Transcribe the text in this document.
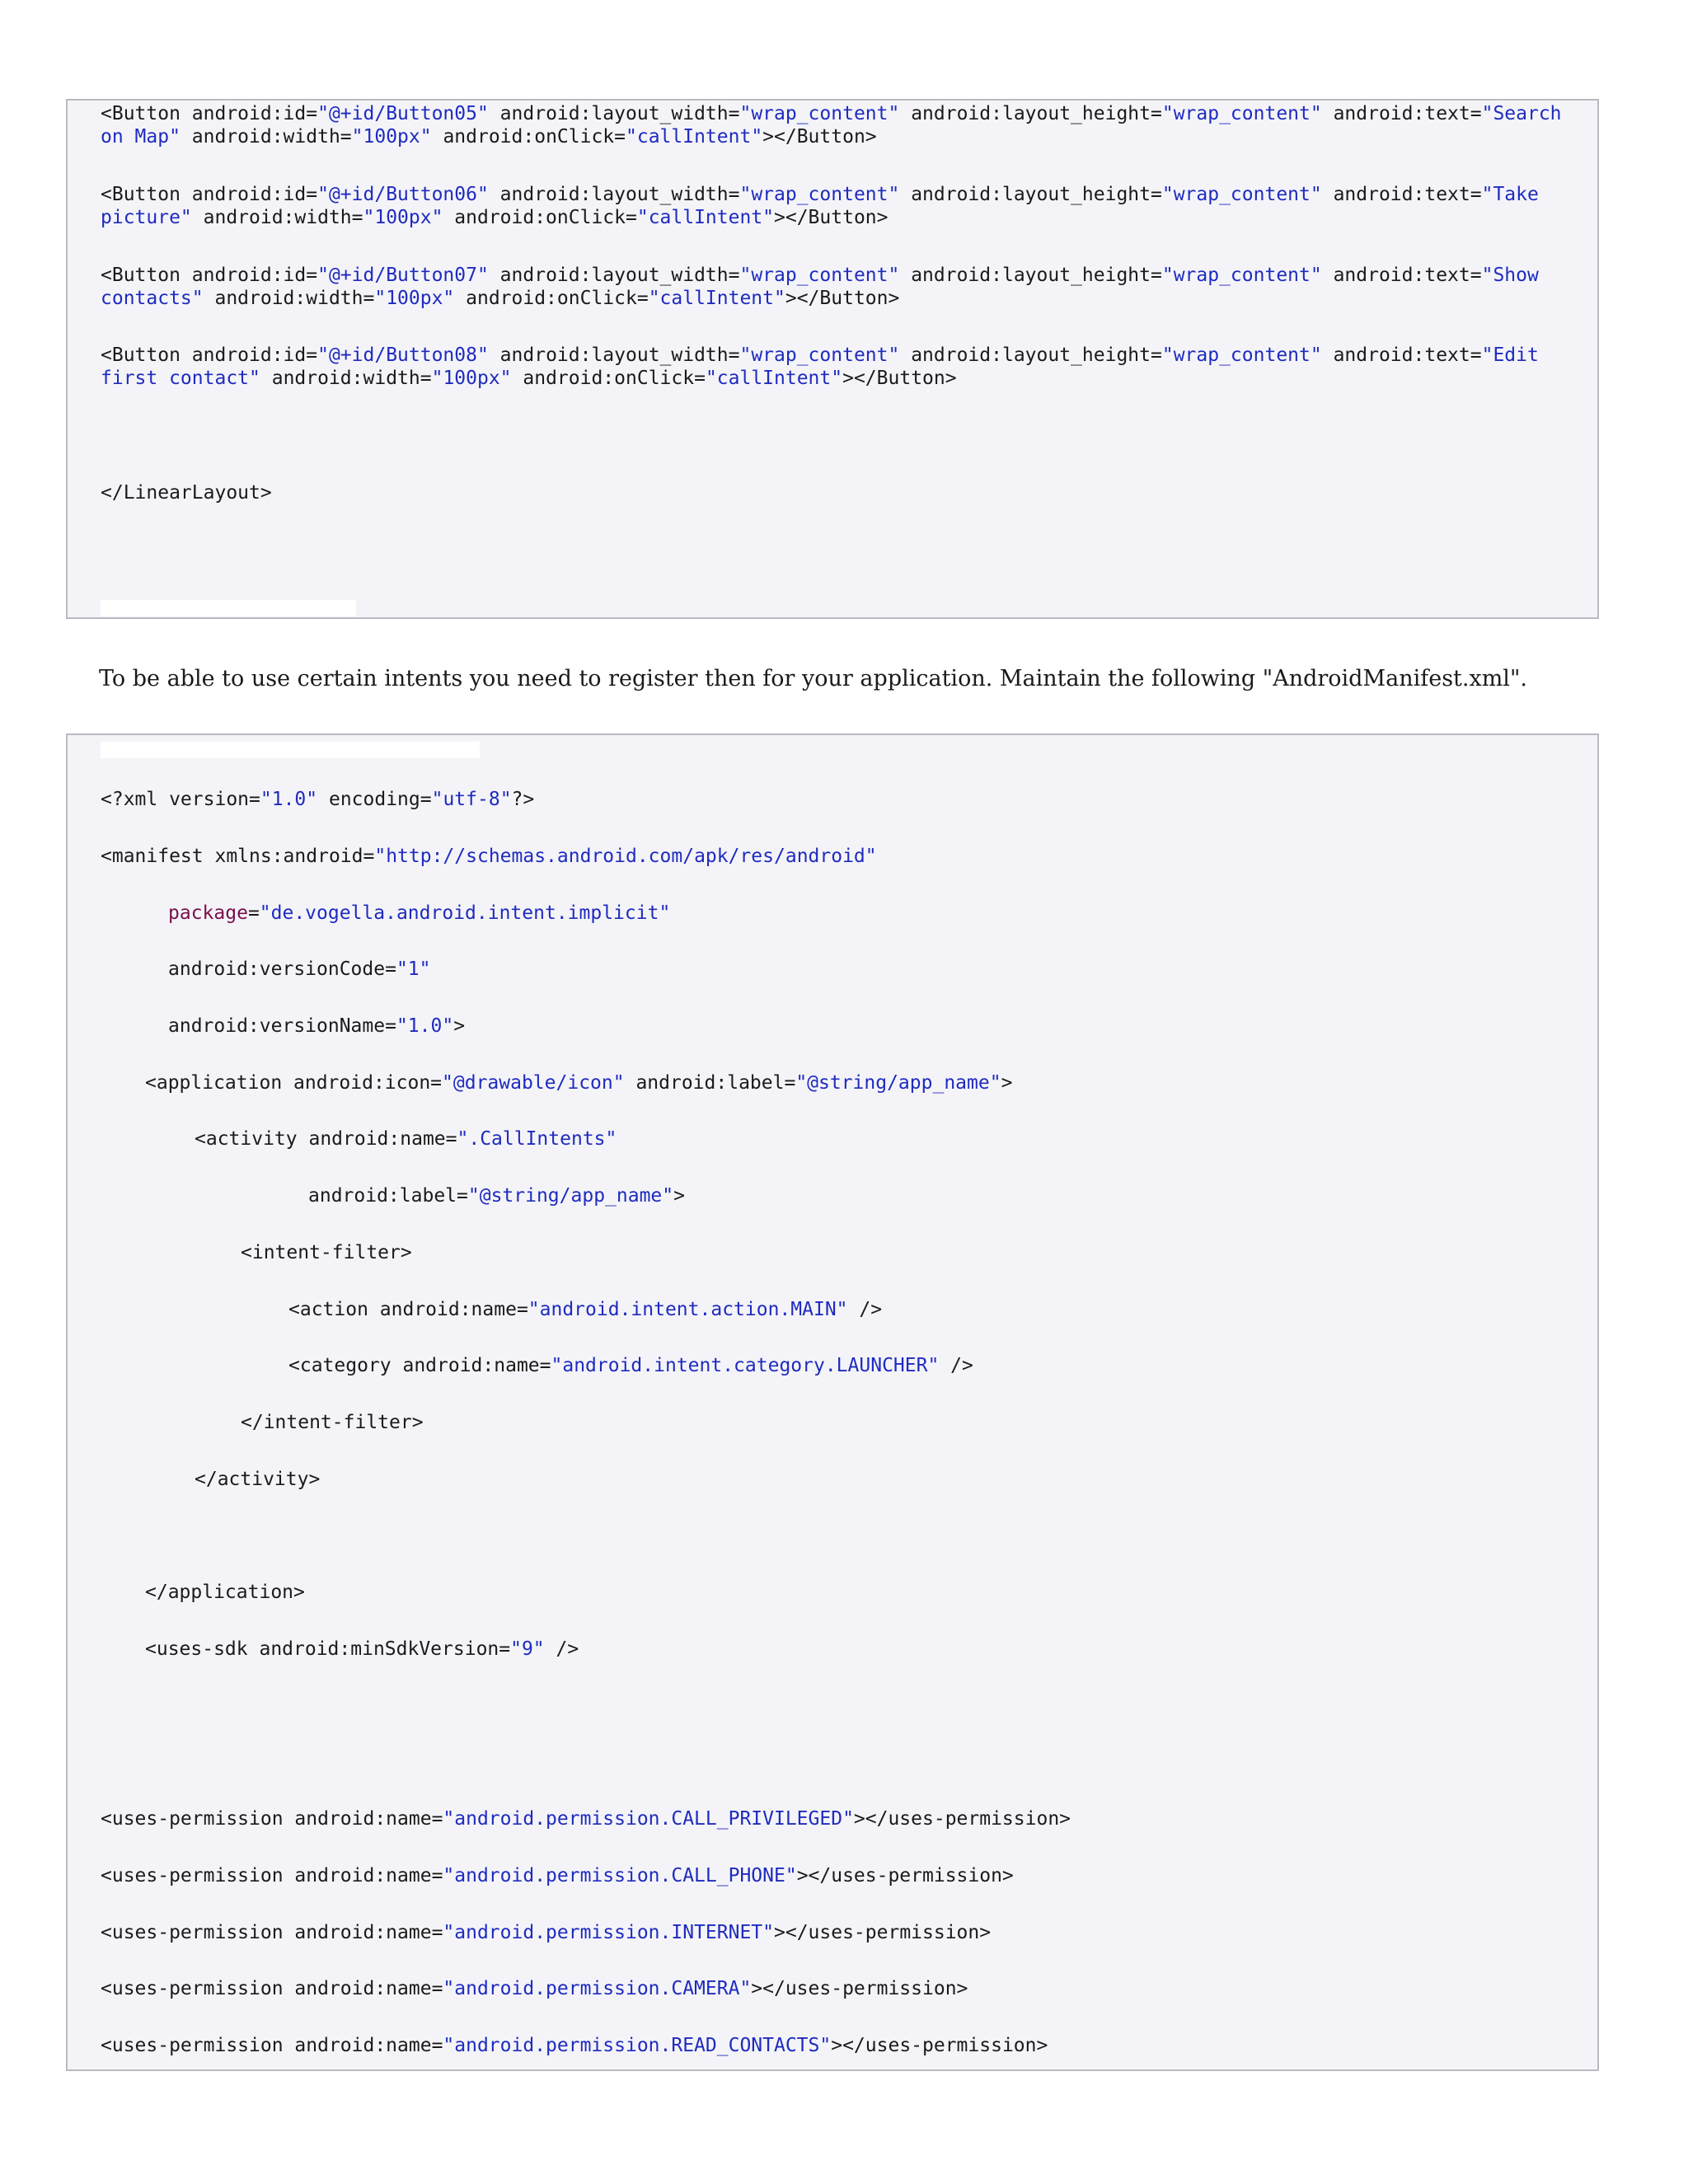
<Button android:id="@+id/Button05" android:layout_width="wrap_content" android:layout_height="wrap_content" android:text="Search on Map" android:width="100px" android:onClick="callIntent"></Button>
<Button android:id="@+id/Button06" android:layout_width="wrap_content" android:layout_height="wrap_content" android:text="Take picture" android:width="100px" android:onClick="callIntent"></Button>
<Button android:id="@+id/Button07" android:layout_width="wrap_content" android:layout_height="wrap_content" android:text="Show contacts" android:width="100px" android:onClick="callIntent"></Button>
<Button android:id="@+id/Button08" android:layout_width="wrap_content" android:layout_height="wrap_content" android:text="Edit first contact" android:width="100px" android:onClick="callIntent"></Button>
</LinearLayout>

To be able to use certain intents you need to register then for your application. Maintain the following "AndroidManifest.xml".

<?xml version="1.0" encoding="utf-8"?>
<manifest xmlns:android="http://schemas.android.com/apk/res/android"
package="de.vogella.android.intent.implicit"
android:versionCode="1"
android:versionName="1.0">
<application android:icon="@drawable/icon" android:label="@string/app_name">
<activity android:name=".CallIntents"
android:label="@string/app_name">
<intent-filter>
<action android:name="android.intent.action.MAIN" />
<category android:name="android.intent.category.LAUNCHER" />
</intent-filter>
</activity>
</application>
<uses-sdk android:minSdkVersion="9" />
<uses-permission android:name="android.permission.CALL_PRIVILEGED"></uses-permission>
<uses-permission android:name="android.permission.CALL_PHONE"></uses-permission>
<uses-permission android:name="android.permission.INTERNET"></uses-permission>
<uses-permission android:name="android.permission.CAMERA"></uses-permission>
<uses-permission android:name="android.permission.READ_CONTACTS"></uses-permission>
